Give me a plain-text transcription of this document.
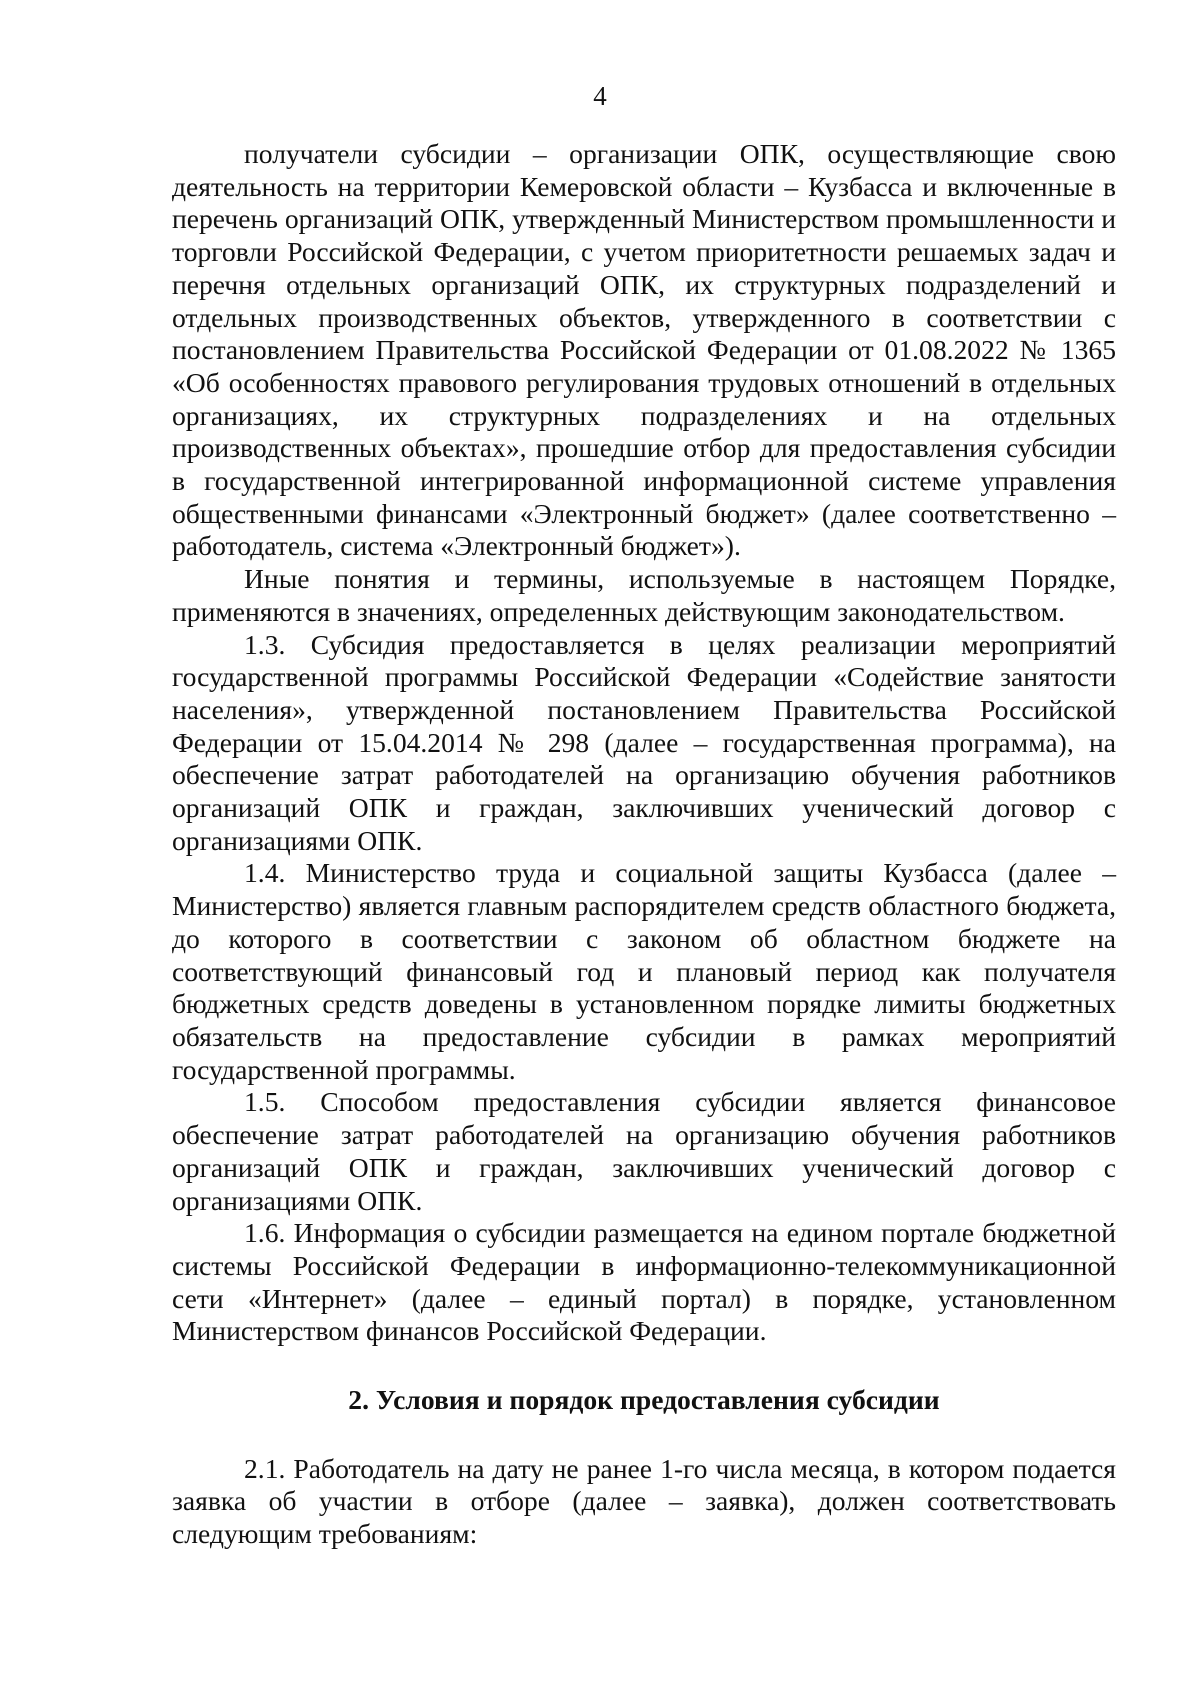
4

получатели субсидии – организации ОПК, осуществляющие свою деятельность на территории Кемеровской области – Кузбасса и включенные в перечень организаций ОПК, утвержденный Министерством промышленности и торговли Российской Федерации, с учетом приоритетности решаемых задач и перечня отдельных организаций ОПК, их структурных подразделений и отдельных производственных объектов, утвержденного в соответствии с постановлением Правительства Российской Федерации от 01.08.2022 № 1365 «Об особенностях правового регулирования трудовых отношений в отдельных организациях, их структурных подразделениях и на отдельных производственных объектах», прошедшие отбор для предоставления субсидии в государственной интегрированной информационной системе управления общественными финансами «Электронный бюджет» (далее соответственно – работодатель, система «Электронный бюджет»).

Иные понятия и термины, используемые в настоящем Порядке, применяются в значениях, определенных действующим законодательством.

1.3. Субсидия предоставляется в целях реализации мероприятий государственной программы Российской Федерации «Содействие занятости населения», утвержденной постановлением Правительства Российской Федерации от 15.04.2014 № 298 (далее – государственная программа), на обеспечение затрат работодателей на организацию обучения работников организаций ОПК и граждан, заключивших ученический договор с организациями ОПК.

1.4. Министерство труда и социальной защиты Кузбасса (далее – Министерство) является главным распорядителем средств областного бюджета, до которого в соответствии с законом об областном бюджете на соответствующий финансовый год и плановый период как получателя бюджетных средств доведены в установленном порядке лимиты бюджетных обязательств на предоставление субсидии в рамках мероприятий государственной программы.

1.5. Способом предоставления субсидии является финансовое обеспечение затрат работодателей на организацию обучения работников организаций ОПК и граждан, заключивших ученический договор с организациями ОПК.

1.6. Информация о субсидии размещается на едином портале бюджетной системы Российской Федерации в информационно-телекоммуникационной сети «Интернет» (далее – единый портал) в порядке, установленном Министерством финансов Российской Федерации.

2. Условия и порядок предоставления субсидии

2.1. Работодатель на дату не ранее 1-го числа месяца, в котором подается заявка об участии в отборе (далее – заявка), должен соответствовать следующим требованиям:
